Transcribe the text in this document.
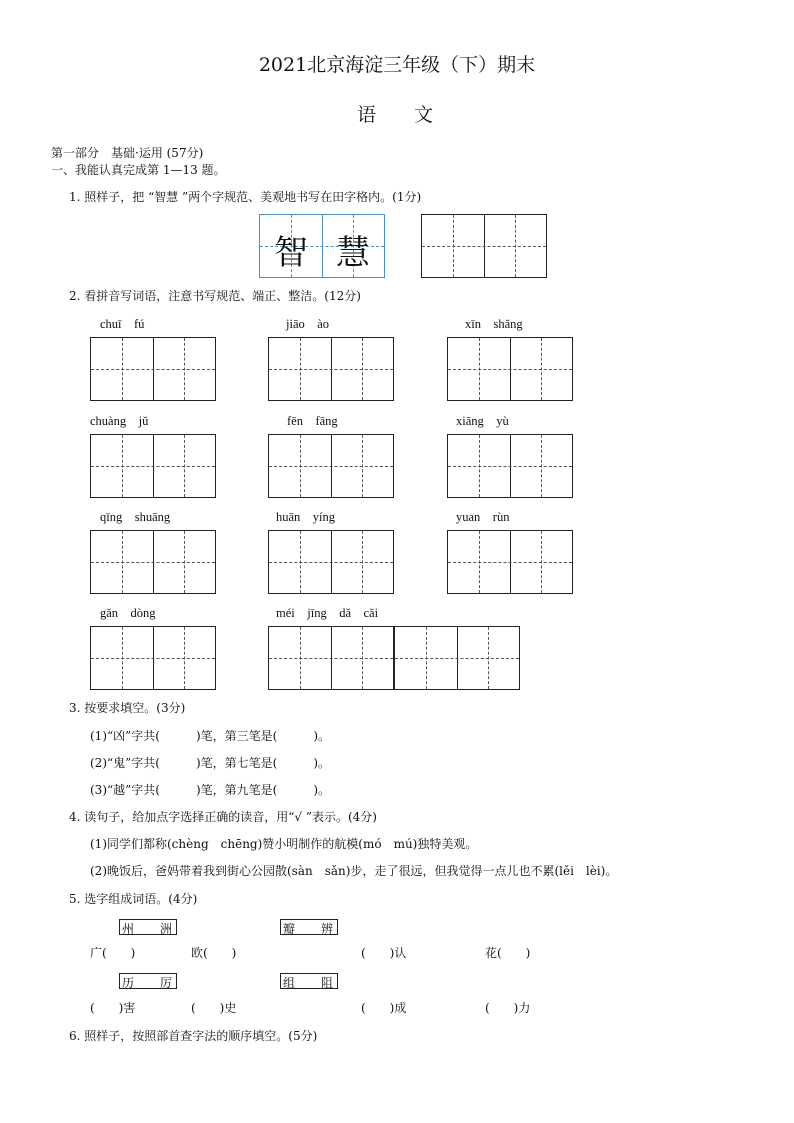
2021北京海淀三年级（下）期末
语　　文
第一部分　基础·运用 (57分)
一、我能认真完成第 1—13 题。
1. 照样子，把 “智慧 ”两个字规范、美观地书写在田字格内。(1分)
智 慧
2. 看拼音写词语，注意书写规范、端正、整洁。(12分)
chuī　fú	jiāo　ào	xīn　shǎng
chuàng　jǔ	fēn　fāng	xiāng　yù
qīng　shuāng	huān　yíng	yuan　rùn
gǎn　dòng	méi　jīng　dǎ　cǎi
3. 按要求填空。(3分)
(1)“凶”字共(　　　)笔，第三笔是(　　　)。
(2)“鬼”字共(　　　)笔，第七笔是(　　　)。
(3)“越”字共(　　　)笔，第九笔是(　　　)。
4. 读句子，给加点字选择正确的读音，用“√ ”表示。(4分)
(1)同学们都称(chèng　chēng)赞小明制作的航模(mó　mú)独特美观。
(2)晚饭后，爸妈带着我到街心公园散(sàn　sǎn)步，走了很远，但我觉得一点儿也不累(lěi　lèi)。
5. 选字组成词语。(4分)
州 洲	瓣 辨
广(　　)	欧(　　)	(　　)认	花(　　)
历 厉	组 阻
(　　)害	(　　)史	(　　)成	(　　)力
6. 照样子，按照部首查字法的顺序填空。(5分)
